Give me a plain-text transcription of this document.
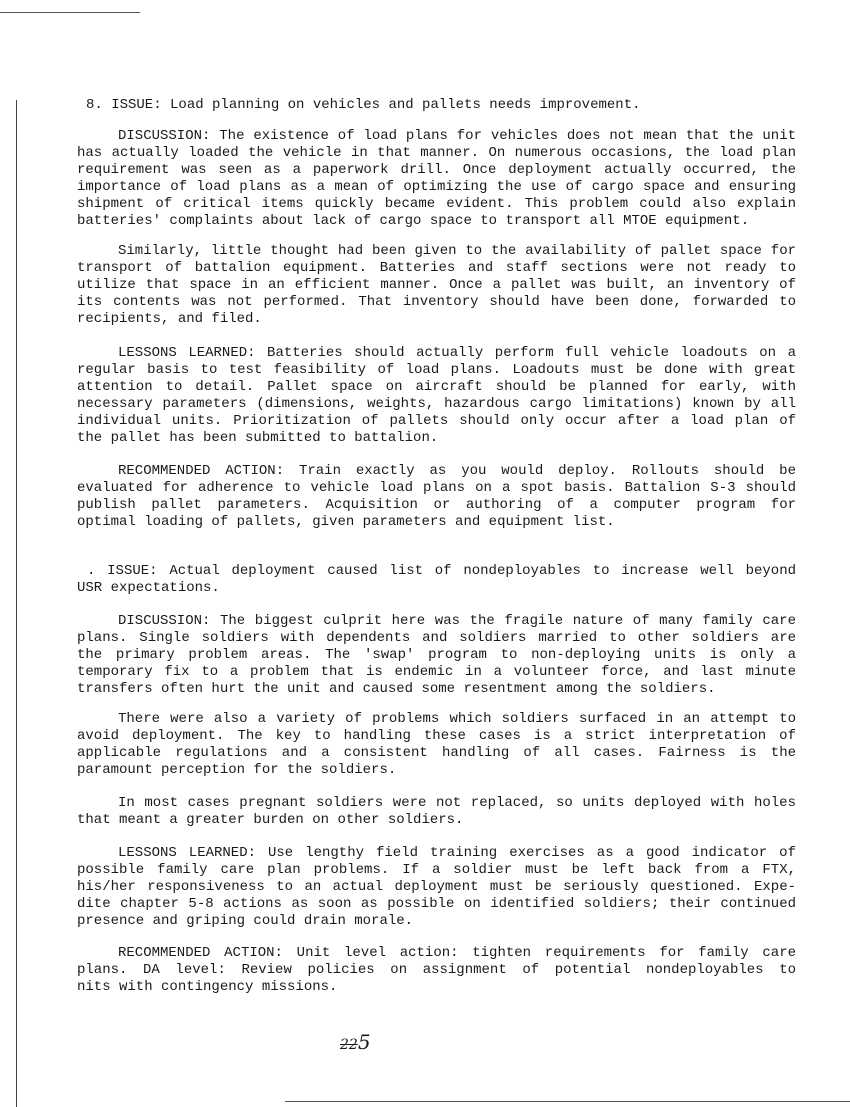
8. ISSUE: Load planning on vehicles and pallets needs improvement.
DISCUSSION: The existence of load plans for vehicles does not mean that the unit
has actually loaded the vehicle in that manner. On numerous occasions, the load plan
requirement was seen as a paperwork drill. Once deployment actually occurred, the
importance of load plans as a mean of optimizing the use of cargo space and ensuring
shipment of critical items quickly became evident. This problem could also explain
batteries' complaints about lack of cargo space to transport all MTOE equipment.
Similarly, little thought had been given to the availability of pallet space for
transport of battalion equipment. Batteries and staff sections were not ready to
utilize that space in an efficient manner. Once a pallet was built, an inventory of
its contents was not performed. That inventory should have been done, forwarded to
recipients, and filed.
LESSONS LEARNED: Batteries should actually perform full vehicle loadouts on a
regular basis to test feasibility of load plans. Loadouts must be done with great
attention to detail. Pallet space on aircraft should be planned for early, with
necessary parameters (dimensions, weights, hazardous cargo limitations) known by all
individual units. Prioritization of pallets should only occur after a load plan of
the pallet has been submitted to battalion.
RECOMMENDED ACTION: Train exactly as you would deploy. Rollouts should be
evaluated for adherence to vehicle load plans on a spot basis. Battalion S-3 should
publish pallet parameters. Acquisition or authoring of a computer program for
optimal loading of pallets, given parameters and equipment list.
. ISSUE: Actual deployment caused list of nondeployables to increase well beyond
USR expectations.
DISCUSSION: The biggest culprit here was the fragile nature of many family care
plans. Single soldiers with dependents and soldiers married to other soldiers are
the primary problem areas. The 'swap' program to non-deploying units is only a
temporary fix to a problem that is endemic in a volunteer force, and last minute
transfers often hurt the unit and caused some resentment among the soldiers.
There were also a variety of problems which soldiers surfaced in an attempt to
avoid deployment. The key to handling these cases is a strict interpretation of
applicable regulations and a consistent handling of all cases. Fairness is the
paramount perception for the soldiers.
In most cases pregnant soldiers were not replaced, so units deployed with holes
that meant a greater burden on other soldiers.
LESSONS LEARNED: Use lengthy field training exercises as a good indicator of
possible family care plan problems. If a soldier must be left back from a FTX,
his/her responsiveness to an actual deployment must be seriously questioned. Expe-
dite chapter 5-8 actions as soon as possible on identified soldiers; their continued
presence and griping could drain morale.
RECOMMENDED ACTION: Unit level action: tighten requirements for family care
plans. DA level: Review policies on assignment of potential nondeployables to
nits with contingency missions.
225
